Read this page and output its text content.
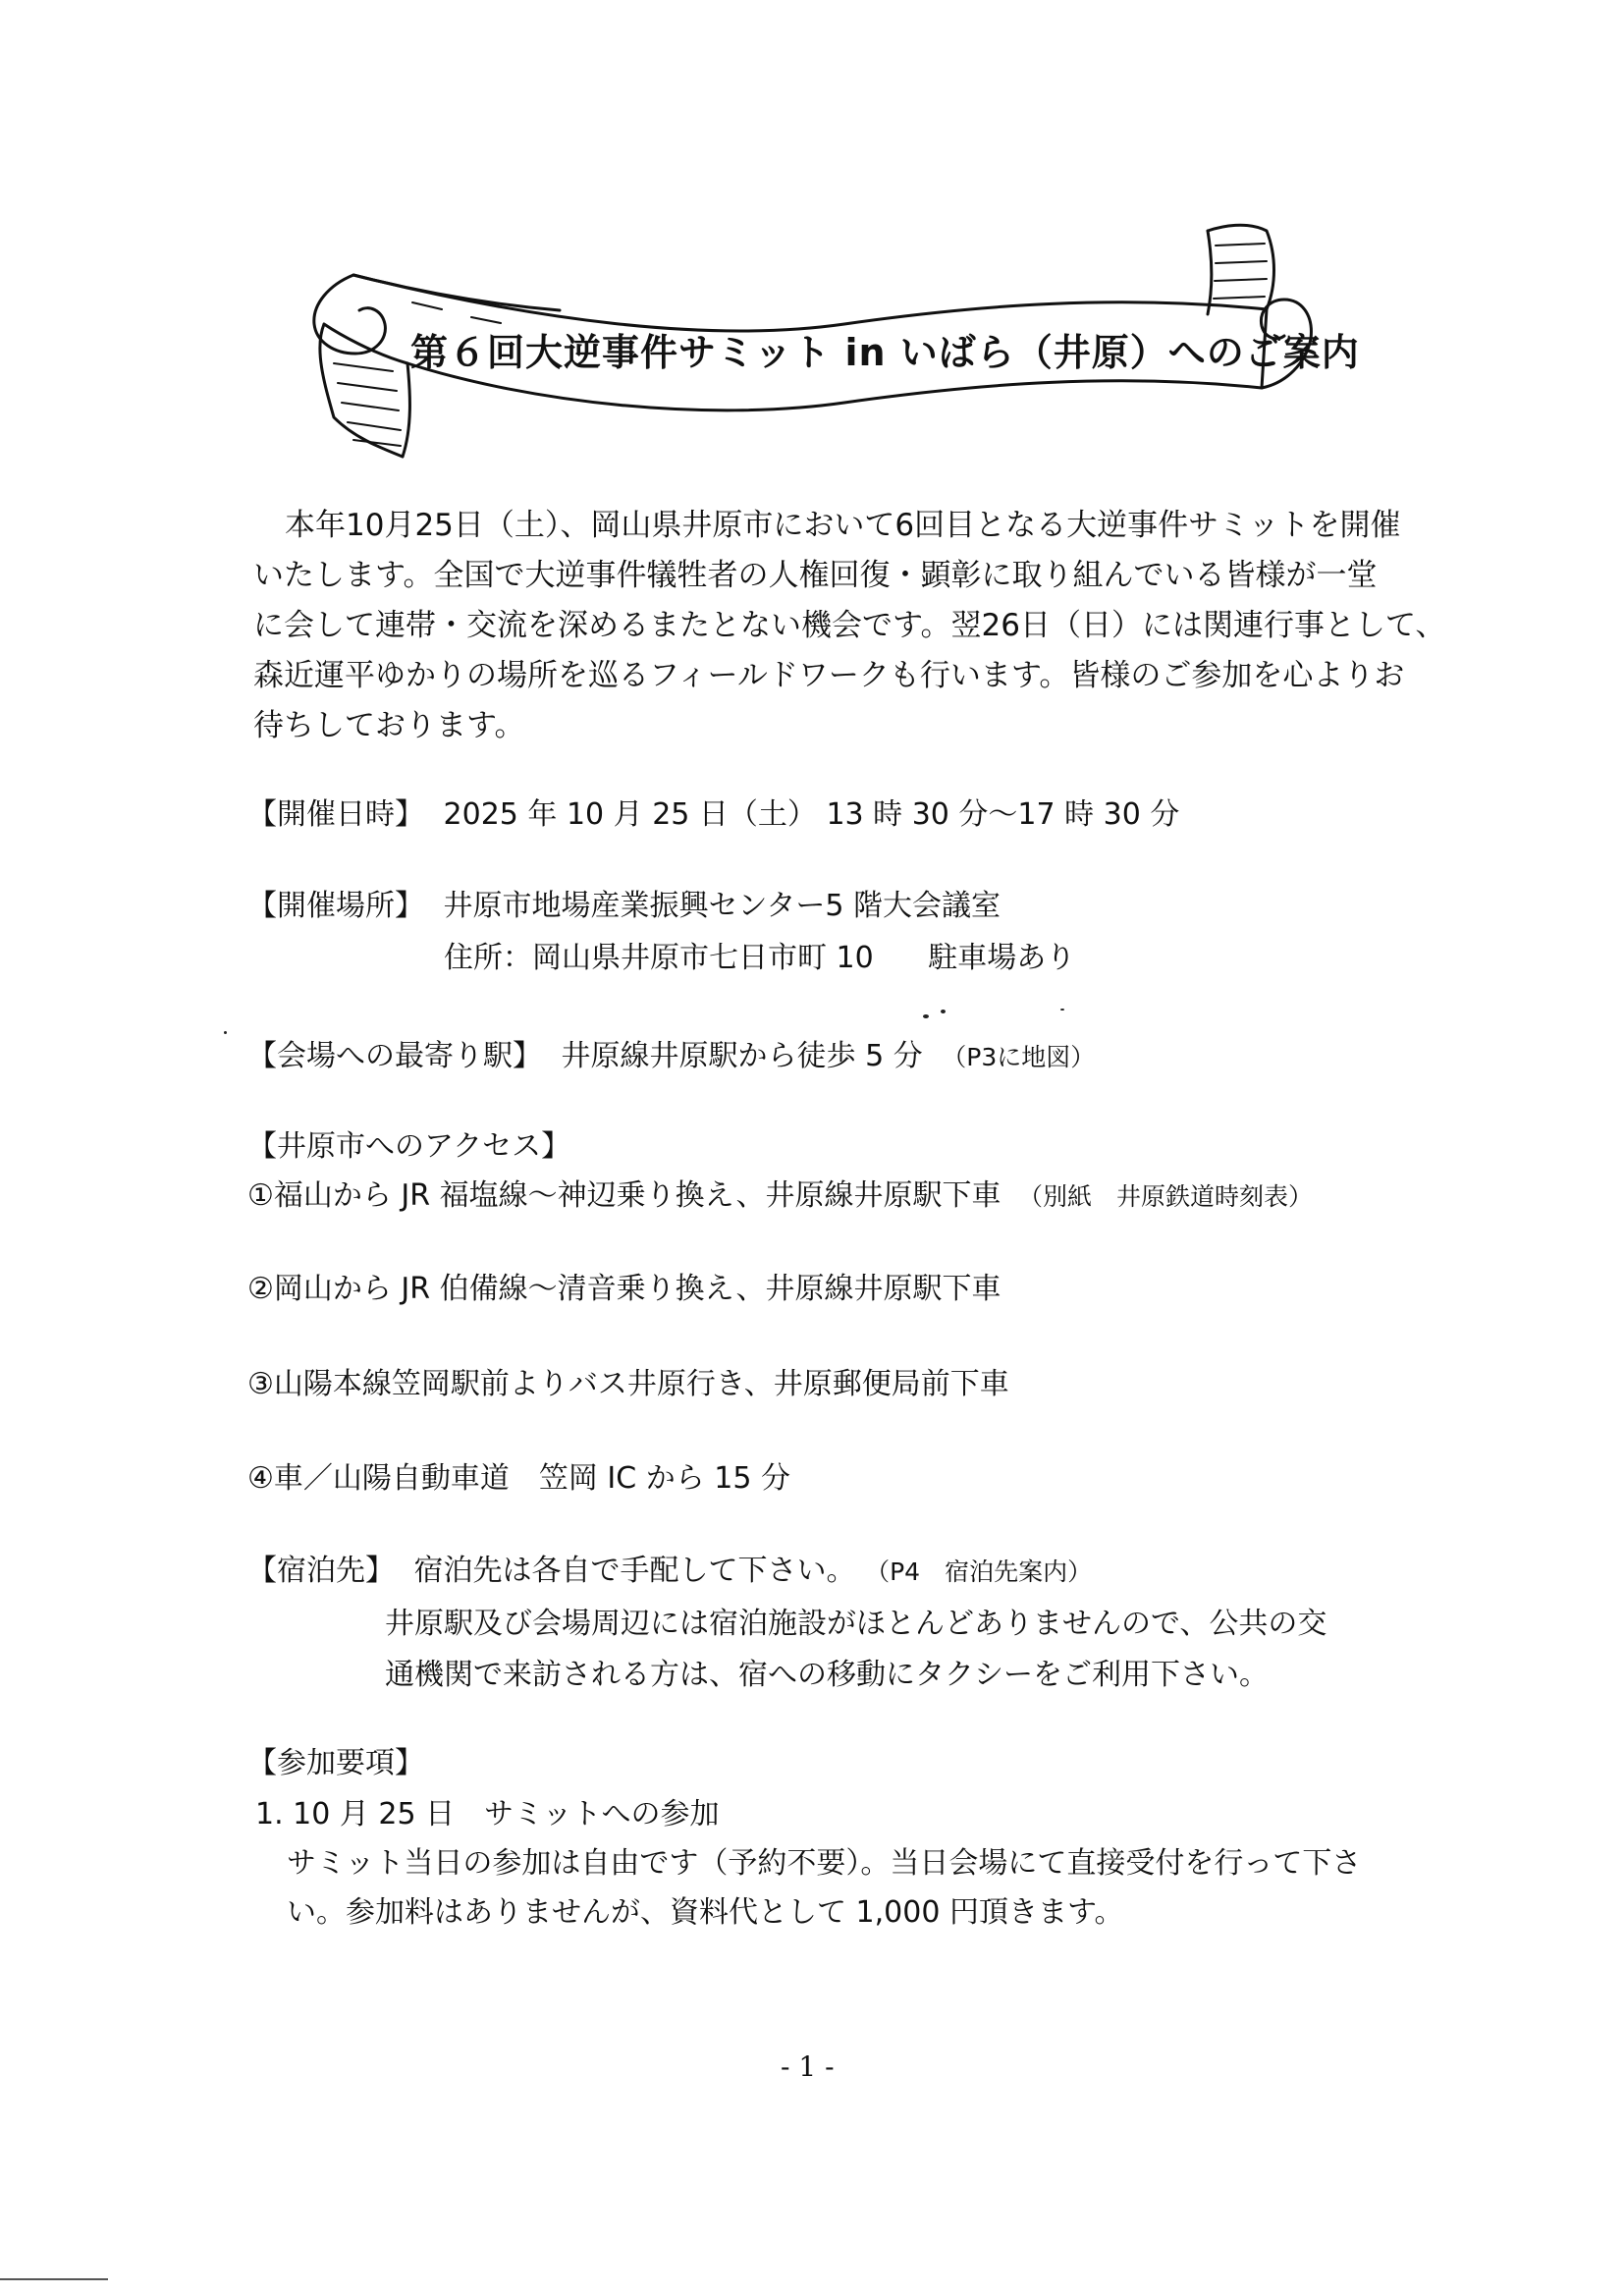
第６回大逆事件サミット in いばら（井原）へのご案内

本年10月25日（土）、岡山県井原市において6回目となる大逆事件サミットを開催

いたします。全国で大逆事件犠牲者の人権回復・顕彰に取り組んでいる皆様が一堂

に会して連帯・交流を深めるまたとない機会です。翌26日（日）には関連行事として、

森近運平ゆかりの場所を巡るフィールドワークも行います。皆様のご参加を心よりお

待ちしております。

【開催日時】 2025 年 10 月 25 日（土） 13 時 30 分～17 時 30 分
【開催場所】 井原市地場産業振興センター5 階大会議室
住所：岡山県井原市七日市町 10 駐車場あり
【会場への最寄り駅】 井原線井原駅から徒歩 5 分 （P3に地図）
【井原市へのアクセス】
①福山から JR 福塩線～神辺乗り換え、井原線井原駅下車 （別紙　井原鉄道時刻表）
②岡山から JR 伯備線～清音乗り換え、井原線井原駅下車
③山陽本線笠岡駅前よりバス井原行き、井原郵便局前下車
④車／山陽自動車道　笠岡 IC から 15 分
【宿泊先】 宿泊先は各自で手配して下さい。 （P4　宿泊先案内）
井原駅及び会場周辺には宿泊施設がほとんどありませんので、公共の交
通機関で来訪される方は、宿への移動にタクシーをご利用下さい。
【参加要項】
1. 10 月 25 日　サミットへの参加
サミット当日の参加は自由です（予約不要）。当日会場にて直接受付を行って下さ
い。参加料はありませんが、資料代として 1,000 円頂きます。
- 1 -
